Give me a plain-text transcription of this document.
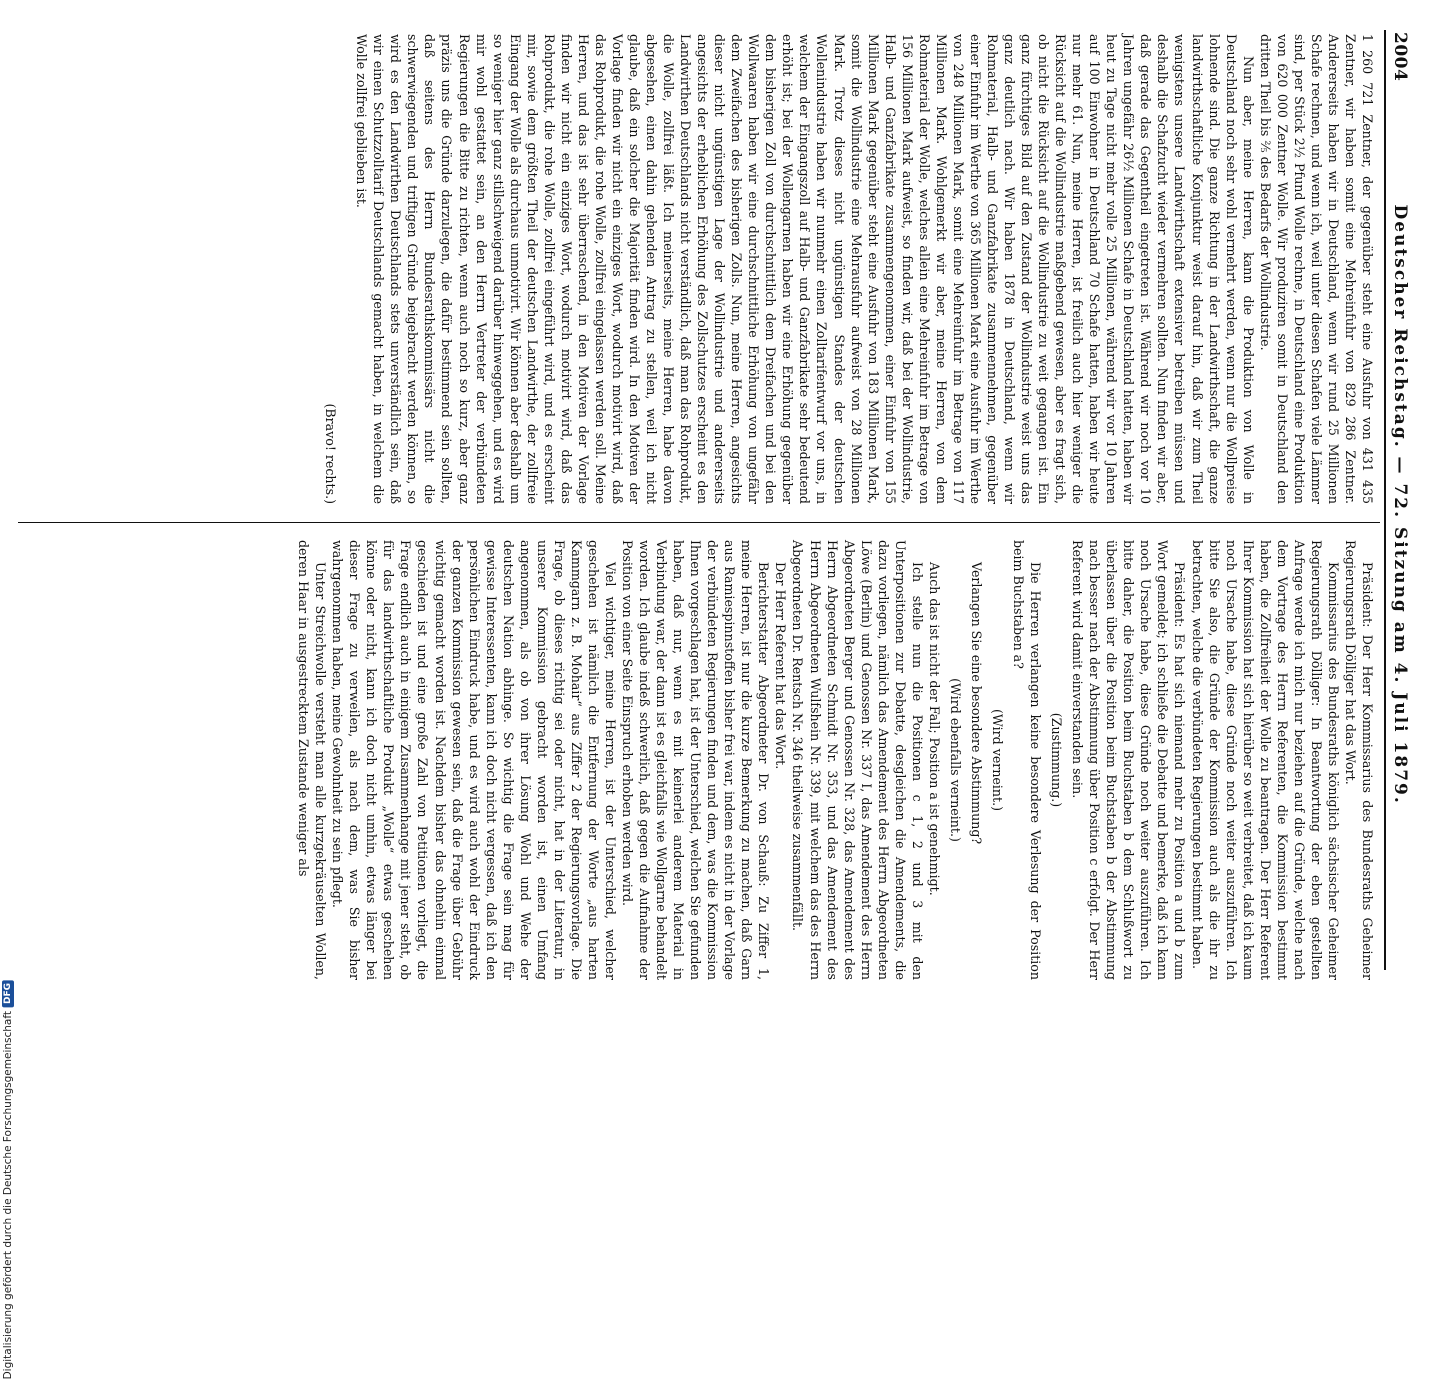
2004
Deutscher Reichstag. — 72. Sitzung am 4. Juli 1879.

1 260 721 Zentner, der gegenüber steht eine Ausfuhr von 431 435 Zentner, wir haben somit eine Mehreinfuhr von 829 286 Zentner. Andererseits haben wir in Deutschland, wenn wir rund 25 Millionen Schafe rechnen, und wenn ich, weil unter diesen Schafen viele Lämmer sind, per Stück 2½ Pfund Wolle rechne, in Deutschland eine Produktion von 620 000 Zentner Wolle. Wir produziren somit in Deutschland den dritten Theil bis ⅖ des Bedarfs der Wollindustrie.

Nun aber, meine Herren, kann die Produktion von Wolle in Deutschland noch sehr wohl vermehrt werden, wenn nur die Wollpreise lohnende sind. Die ganze Richtung in der Landwirthschaft, die ganze landwirthschaftliche Konjunktur weist darauf hin, daß wir zum Theil wenigstens unsere Landwirthschaft extensiver betreiben müssen und deshalb die Schafzucht wieder vermehren sollten. Nun finden wir aber, daß gerade das Gegentheil eingetreten ist. Während wir noch vor 10 Jahren ungefähr 26½ Millionen Schafe in Deutschland hatten, haben wir heut zu Tage nicht mehr volle 25 Millionen, während wir vor 10 Jahren auf 100 Einwohner in Deutschland 70 Schafe hatten, haben wir heute nur mehr 61. Nun, meine Herren, ist freilich auch hier weniger die Rücksicht auf die Wollindustrie maßgebend gewesen, aber es fragt sich, ob nicht die Rücksicht auf die Wollindustrie zu weit gegangen ist. Ein ganz fürchtiges Bild auf den Zustand der Wollindustrie weist uns das ganz deutlich nach. Wir haben 1878 in Deutschland, wenn wir Rohmaterial, Halb- und Ganzfabrikate zusammennehmen, gegenüber einer Einfuhr im Werthe von 365 Millionen Mark eine Ausfuhr im Werthe von 248 Millionen Mark, somit eine Mehreinfuhr im Betrage von 117 Millionen Mark. Wohlgemerkt wir aber, meine Herren, von dem Rohmaterial der Wolle, welches allein eine Mehreinfuhr im Betrage von 156 Millionen Mark aufweist, so finden wir, daß bei der Wollindustrie, Halb- und Ganzfabrikate zusammengenommen, einer Einfuhr von 155 Millionen Mark gegenüber steht eine Ausfuhr von 183 Millionen Mark, somit die Wollindustrie eine Mehrausfuhr aufweist von 28 Millionen Mark. Trotz dieses nicht ungünstigen Standes der deutschen Wollenindustrie haben wir nunmehr einen Zolltarifentwurf vor uns, in welchem der Eingangszoll auf Halb- und Ganzfabrikate sehr bedeutend erhöht ist; bei der Wollengarnen haben wir eine Erhöhung gegenüber dem bisherigen Zoll von durchschnittlich dem Dreifachen und bei den Wollwaaren haben wir eine durchschnittliche Erhöhung von ungefähr dem Zweifachen des bisherigen Zolls. Nun, meine Herren, angesichts dieser nicht ungünstigen Lage der Wollindustrie und andererseits angesichts der erheblichen Erhöhung des Zollschutzes erscheint es den Landwirthen Deutschlands nicht verständlich, daß man das Rohprodukt, die Wolle, zollfrei läßt. Ich meinerseits, meine Herren, habe davon abgesehen, einen dahin gehenden Antrag zu stellen, weil ich nicht glaube, daß ein solcher die Majorität finden wird. In den Motiven der Vorlage finden wir nicht ein einziges Wort, wodurch motivirt wird, daß das Rohprodukt, die rohe Wolle, zollfrei eingelassen werden soll. Meine Herren, und das ist sehr überraschend, in den Motiven der Vorlage finden wir nicht ein einziges Wort, wodurch motivirt wird, daß das Rohprodukt, die rohe Wolle, zollfrei eingeführt wird, und es erscheint mir, sowie dem größten Theil der deutschen Landwirthe, der zollfreie Eingang der Wolle als durchaus unmotivirt. Wir können aber deshalb um so weniger hier ganz stillschweigend darüber hinweggehen, und es wird mir wohl gestattet sein, an den Herrn Vertreter der verbündeten Regierungen die Bitte zu richten, wenn auch noch so kurz, aber ganz präzis uns die Gründe darzulegen, die dafür bestimmend sein sollten, daß seitens des Herrn Bundesrathskommissärs nicht die schwerwiegenden und triftigen Gründe beigebracht werden können, so wird es den Landwirthen Deutschlands stets unverständlich sein, daß wir einen Schutzzolltarif Deutschlands gemacht haben, in welchem die Wolle zollfrei geblieben ist.

(Bravo! rechts.)

Präsident: Der Herr Kommissarius des Bundesraths Geheimer Regierungsrath Dölliger hat das Wort.

Kommissarius des Bundesraths königlich sächsischer Geheimer Regierungsrath Dölliger: In Beantwortung der eben gestellten Anfrage werde ich mich nur beziehen auf die Gründe, welche nach dem Vortrage des Herrn Referenten, die Kommission bestimmt haben, die Zollfreiheit der Wolle zu beantragen. Der Herr Referent Ihrer Kommission hat sich hierüber so weit verbreitet, daß ich kaum noch Ursache habe, diese Gründe noch weiter auszuführen. Ich bitte Sie also, die Gründe der Kommission auch als die ihr zu betrachten, welche die verbündeten Regierungen bestimmt haben.

Präsident: Es hat sich niemand mehr zu Position a und b zum Wort gemeldet; ich schließe die Debatte und bemerke, daß ich kann noch Ursache habe, diese Gründe noch weiter auszuführen. Ich bitte daher, die Position beim Buchstaben b dem Schlußwort zu überlassen über die Position beim Buchstaben b der Abstimmung nach besser nach der Abstimmung über Position c erfolgt. Der Herr Referent wird damit einverstanden sein.

(Zustimmung.)

Die Herren verlangen keine besondere Verlesung der Position beim Buchstaben a?

(Wird verneint.)

Verlangen Sie eine besondere Abstimmung?

(Wird ebenfalls verneint.)

Auch das ist nicht der Fall; Position a ist genehmigt.

Ich stelle nun die Positionen c 1, 2 und 3 mit den Unterpositionen zur Debatte, desgleichen die Amendements, die dazu vorliegen, nämlich das Amendement des Herrn Abgeordneten Löwe (Berlin) und Genossen Nr. 337 I, das Amendement des Herrn Abgeordneten Berger und Genossen Nr. 328, das Amendement des Herrn Abgeordneten Schmidt Nr. 353, und das Amendement des Herrn Abgeordneten Wulfshein Nr. 339, mit welchem das des Herrn Abgeordneten Dr. Rentsch Nr. 346 theilweise zusammenfällt.

Der Herr Referent hat das Wort.

Berichterstatter Abgeordneter Dr. von Schauß: Zu Ziffer 1, meine Herren, ist nur die kurze Bemerkung zu machen, daß Garn aus Ramiespinnstoffen bisher frei war, indem es nicht in der Vorlage der verbündeten Regierungen finden und dem, was die Kommission Ihnen vorgeschlagen hat, ist der Unterschied, welchen Sie gefunden haben, daß nur, wenn es mit keinerlei anderem Material in Verbindung war, der dann ist es gleichfalls wie Wollgarne behandelt worden. Ich glaube indeß schwerlich, daß gegen die Aufnahme der Position von einer Seite Einspruch erhoben werden wird.

Viel wichtiger, meine Herren, ist der Unterschied, welcher geschehen ist nämlich die Entfernung der Worte „aus harten Kammgarn z. B. Mohair“ aus Ziffer 2 der Regierungsvorlage. Die Frage, ob dieses richtig sei oder nicht, hat in der Literatur, in unserer Kommission gebracht worden ist, einen Umfang angenommen, als ob von ihrer Lösung Wohl und Wehe der deutschen Nation abhinge. So wichtig die Frage sein mag für gewisse Interessenten, kann ich doch nicht vergessen, daß ich den persönlichen Eindruck habe, und es wird auch wohl der Eindruck der ganzen Kommission gewesen sein, daß die Frage über Gebühr wichtig gemacht worden ist. Nachdem bisher das ohnehin einmal geschieden ist und eine große Zahl von Petitionen vorliegt, die Frage endlich auch in einigem Zusammenhange mit jener steht, ob für das landwirthschaftliche Produkt „Wolle“ etwas geschehen könne oder nicht, kann ich doch nicht umhin, etwas länger bei dieser Frage zu verweilen, als nach dem, was Sie bisher wahrgenommen haben, meine Gewohnheit zu sein pflegt.

Unter Streichwolle versteht man alle kurzgekräuselten Wollen, deren Haar in ausgestrecktem Zustande weniger als

Digitalisierung gefördert durch die Deutsche Forschungsgemeinschaft
DFG
